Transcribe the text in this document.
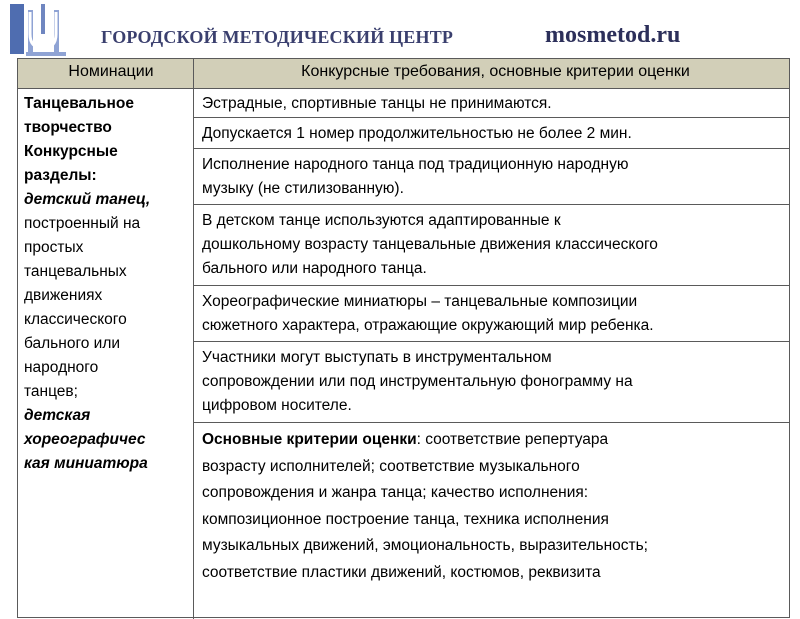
ГОРОДСКОЙ МЕТОДИЧЕСКИЙ ЦЕНТР	mosmetod.ru
Номинации	Конкурсные требования, основные критерии оценки
Танцевальное
творчество
Конкурсные
разделы:
детский танец,
построенный на
простых
танцевальных
движениях
классического
бального или
народного
танцев;
детская
хореографичес
кая миниатюра
Эстрадные, спортивные танцы не принимаются.
Допускается 1 номер продолжительностью не более 2 мин.
Исполнение народного танца под традиционную народную
музыку (не стилизованную).
В детском танце используются адаптированные к
дошкольному возрасту танцевальные движения классического
бального или народного танца.
Хореографические миниатюры – танцевальные композиции
сюжетного характера, отражающие окружающий мир ребенка.
Участники могут выступать в инструментальном
сопровождении или под инструментальную фонограмму на
цифровом носителе.
Основные критерии оценки: соответствие репертуара
возрасту исполнителей; соответствие музыкального
сопровождения и жанра танца; качество исполнения:
композиционное построение танца, техника исполнения
музыкальных движений, эмоциональность, выразительность;
соответствие пластики движений, костюмов, реквизита
